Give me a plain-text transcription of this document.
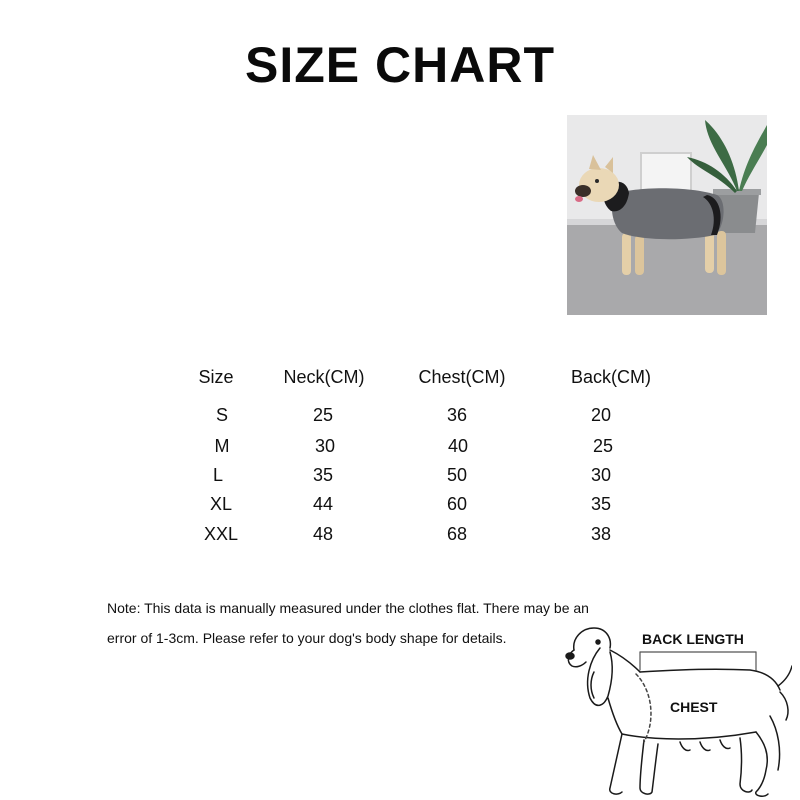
SIZE CHART
Size	Neck(CM)	Chest(CM)	Back(CM)
S	25	36	20
M	30	40	25
L	35	50	30
XL	44	60	35
XXL	48	68	38
Note: This data is manually measured under the clothes flat. There may be an
error of 1-3cm. Please refer to your dog's body shape for details.	BACK LENGTH
CHEST
